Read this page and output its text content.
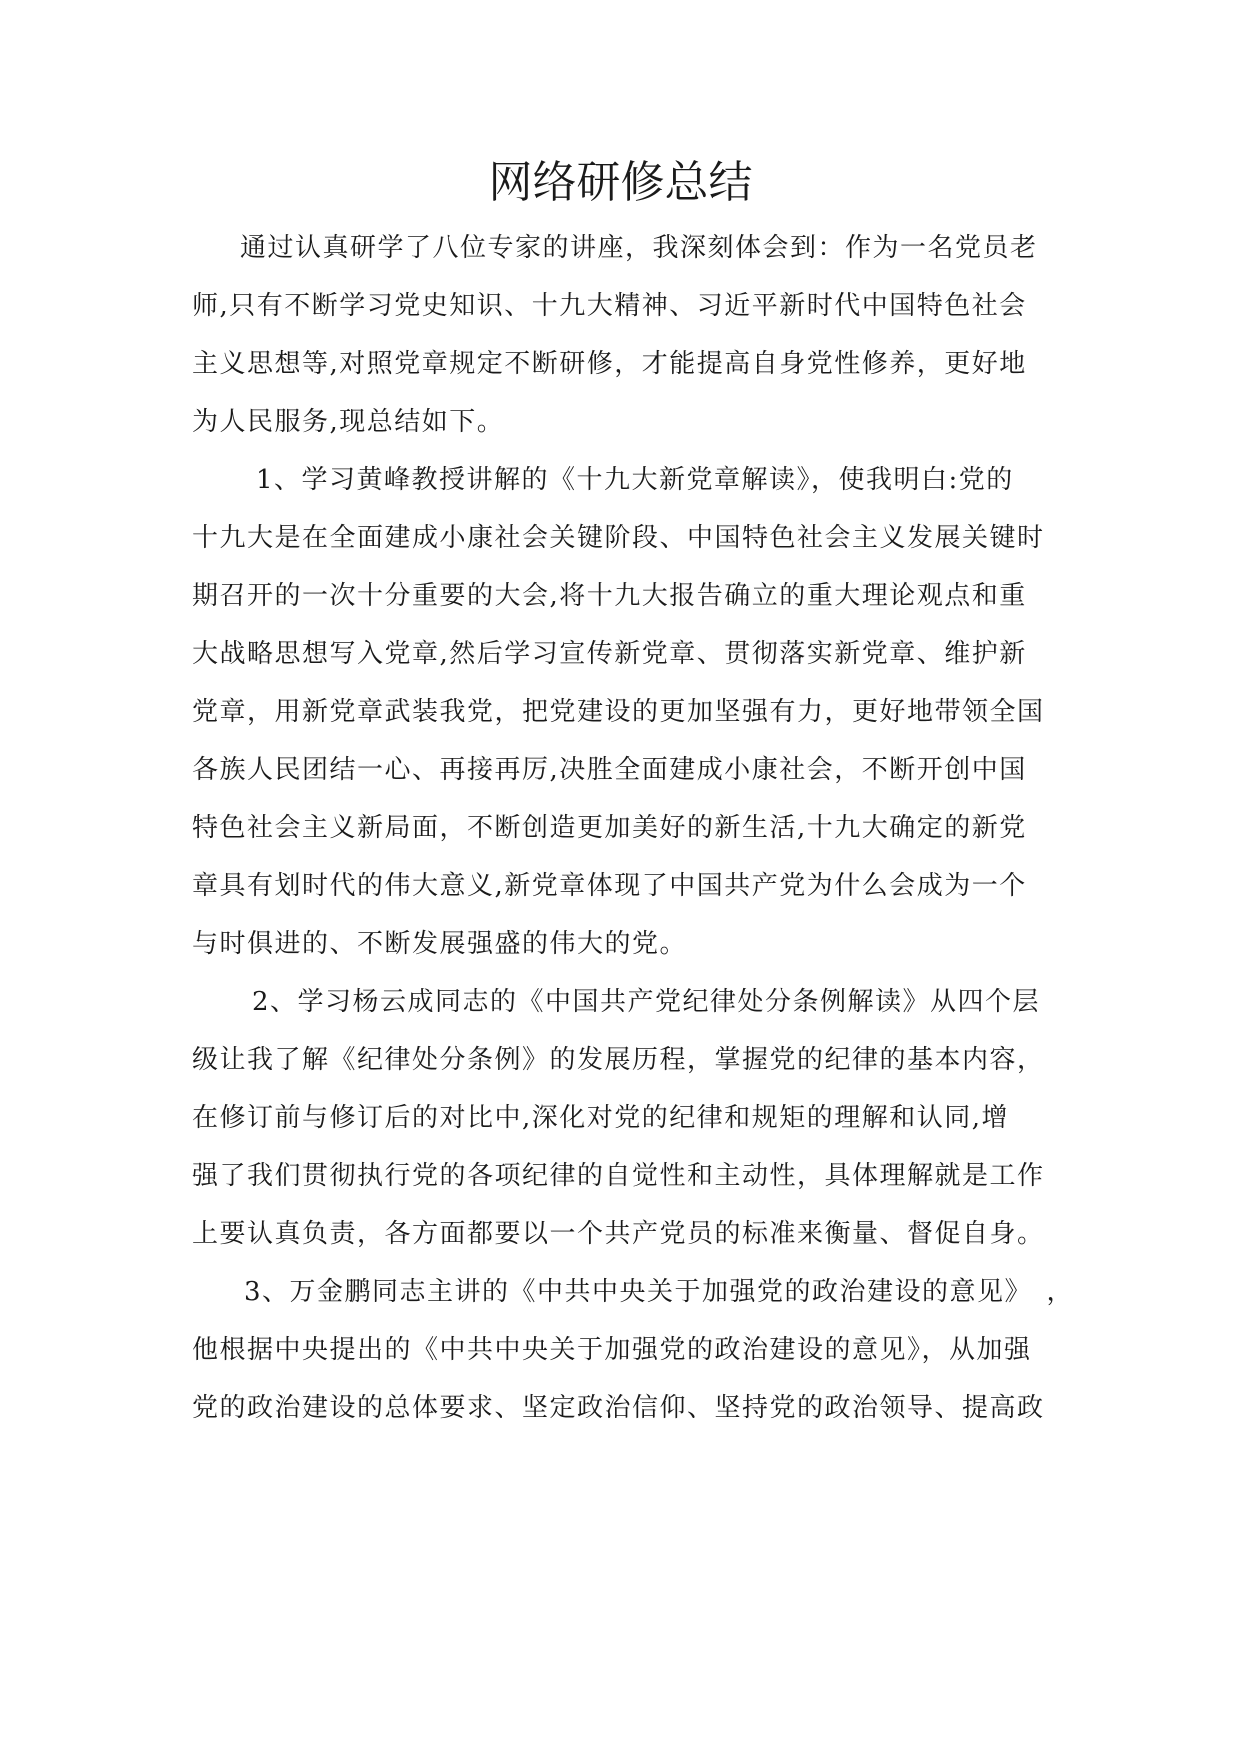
网络研修总结
通过认真研学了八位专家的讲座，我深刻体会到：作为一名党员老
师,只有不断学习党史知识、十九大精神、习近平新时代中国特色社会
主义思想等,对照党章规定不断研修，才能提高自身党性修养，更好地
为人民服务,现总结如下。
1、学习黄峰教授讲解的《十九大新党章解读》，使我明白:党的
十九大是在全面建成小康社会关键阶段、中国特色社会主义发展关键时
期召开的一次十分重要的大会,将十九大报告确立的重大理论观点和重
大战略思想写入党章,然后学习宣传新党章、贯彻落实新党章、维护新
党章，用新党章武装我党，把党建设的更加坚强有力，更好地带领全国
各族人民团结一心、再接再厉,决胜全面建成小康社会，不断开创中国
特色社会主义新局面，不断创造更加美好的新生活,十九大确定的新党
章具有划时代的伟大意义,新党章体现了中国共产党为什么会成为一个
与时俱进的、不断发展强盛的伟大的党。
2、学习杨云成同志的《中国共产党纪律处分条例解读》从四个层
级让我了解《纪律处分条例》的发展历程，掌握党的纪律的基本内容，
在修订前与修订后的对比中,深化对党的纪律和规矩的理解和认同,增
强了我们贯彻执行党的各项纪律的自觉性和主动性，具体理解就是工作
上要认真负责，各方面都要以一个共产党员的标准来衡量、督促自身。
3、万金鹏同志主讲的《中共中央关于加强党的政治建设的意见》　，
他根据中央提出的《中共中央关于加强党的政治建设的意见》，从加强
党的政治建设的总体要求、坚定政治信仰、坚持党的政治领导、提高政
